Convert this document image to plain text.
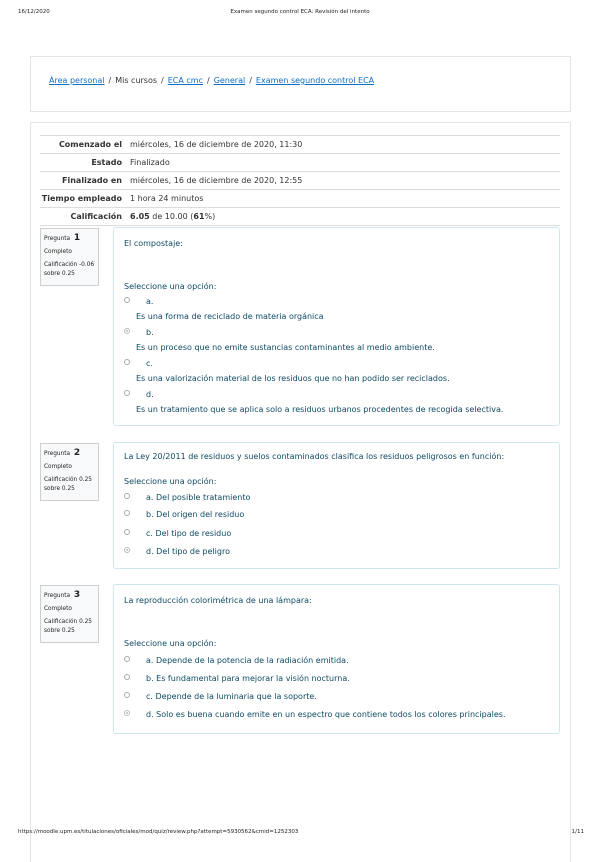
16/12/2020	Examen segundo control ECA: Revisión del intento
Área personal / Mis cursos / ECA cmc / General / Examen segundo control ECA
Comenzado el	miércoles, 16 de diciembre de 2020, 11:30
Estado	Finalizado
Finalizado en	miércoles, 16 de diciembre de 2020, 12:55
Tiempo empleado	1 hora 24 minutos
Calificación	6.05 de 10.00 (61%)
Pregunta 1
Completo
Calificación -0.06 sobre 0.25
El compostaje:
Seleccione una opción:
a.
Es una forma de reciclado de materia orgánica
b.
Es un proceso que no emite sustancias contaminantes al medio ambiente.
c.
Es una valorización material de los residuos que no han podido ser reciclados.
d.
Es un tratamiento que se aplica solo a residuos urbanos procedentes de recogida selectiva.
Pregunta 2
Completo
Calificación 0.25 sobre 0.25
La Ley 20/2011 de residuos y suelos contaminados clasifica los residuos peligrosos en función:
Seleccione una opción:
a. Del posible tratamiento
b. Del origen del residuo
c. Del tipo de residuo
d. Del tipo de peligro
Pregunta 3
Completo
Calificación 0.25 sobre 0.25
La reproducción colorimétrica de una lámpara:
Seleccione una opción:
a. Depende de la potencia de la radiación emitida.
b. Es fundamental para mejorar la visión nocturna.
c. Depende de la luminaria que la soporte.
d. Solo es buena cuando emite en un espectro que contiene todos los colores principales.
https://moodle.upm.es/titulaciones/oficiales/mod/quiz/review.php?attempt=5930562&cmid=1252303	1/11
